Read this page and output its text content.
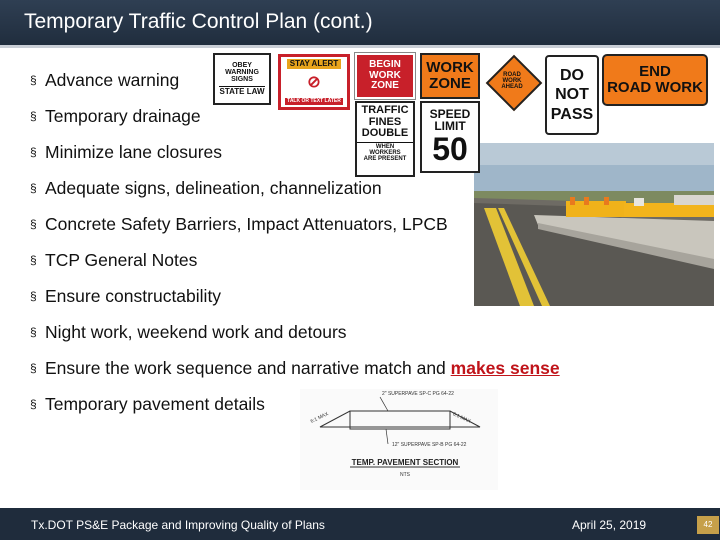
Temporary Traffic Control Plan (cont.)
§ Advance warning
§ Temporary drainage
§ Minimize lane closures
§ Adequate signs, delineation, channelization
§ Concrete Safety Barriers, Impact Attenuators, LPCB
§ TCP General Notes
§ Ensure constructability
§ Night work, weekend work and detours
§ Ensure the work sequence and narrative match and makes sense
§ Temporary pavement details
OBEY
WARNING
SIGNS
STATE LAW
STAY ALERT
⊘
TALK OR TEXT LATER
BEGIN
WORK
ZONE
WORK
ZONE
ROAD
WORK
AHEAD
DO
NOT
PASS
END
ROAD WORK
TRAFFIC
FINES
DOUBLE
WHEN
WORKERS
ARE PRESENT
SPEED
LIMIT
50
2" SUPERPAVE SP-C PG 64-22
6:1 MAX	6:1 MAX
12" SUPERPAVE SP-B PG 64-22
TEMP. PAVEMENT SECTION
NTS
Tx.DOT PS&E Package and Improving Quality of Plans	April 25, 2019	42
